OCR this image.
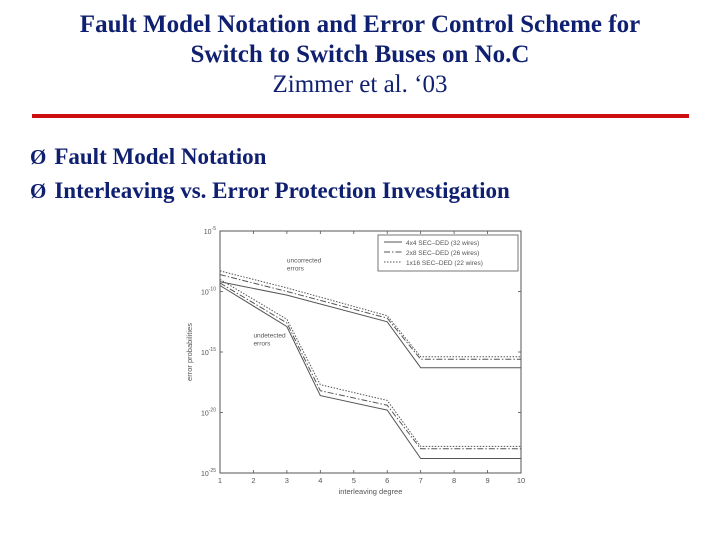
Fault Model Notation and Error Control Scheme for
Switch to Switch Buses on No.C
Zimmer et al. ‘03
Ø Fault Model Notation
Ø Interleaving vs. Error Protection Investigation
1	2	3	4	5	6	7	8	9	10
$10^{-5}$
$10^{-10}$
$10^{-15}$
$10^{-20}$
$10^{-25}$
interleaving degree
error probabilities
4x4 SEC–DED (32 wires)
2x8 SEC–DED (26 wires)
1x16 SEC–DED (22 wires)
uncorrected
errors
undetected
errors
